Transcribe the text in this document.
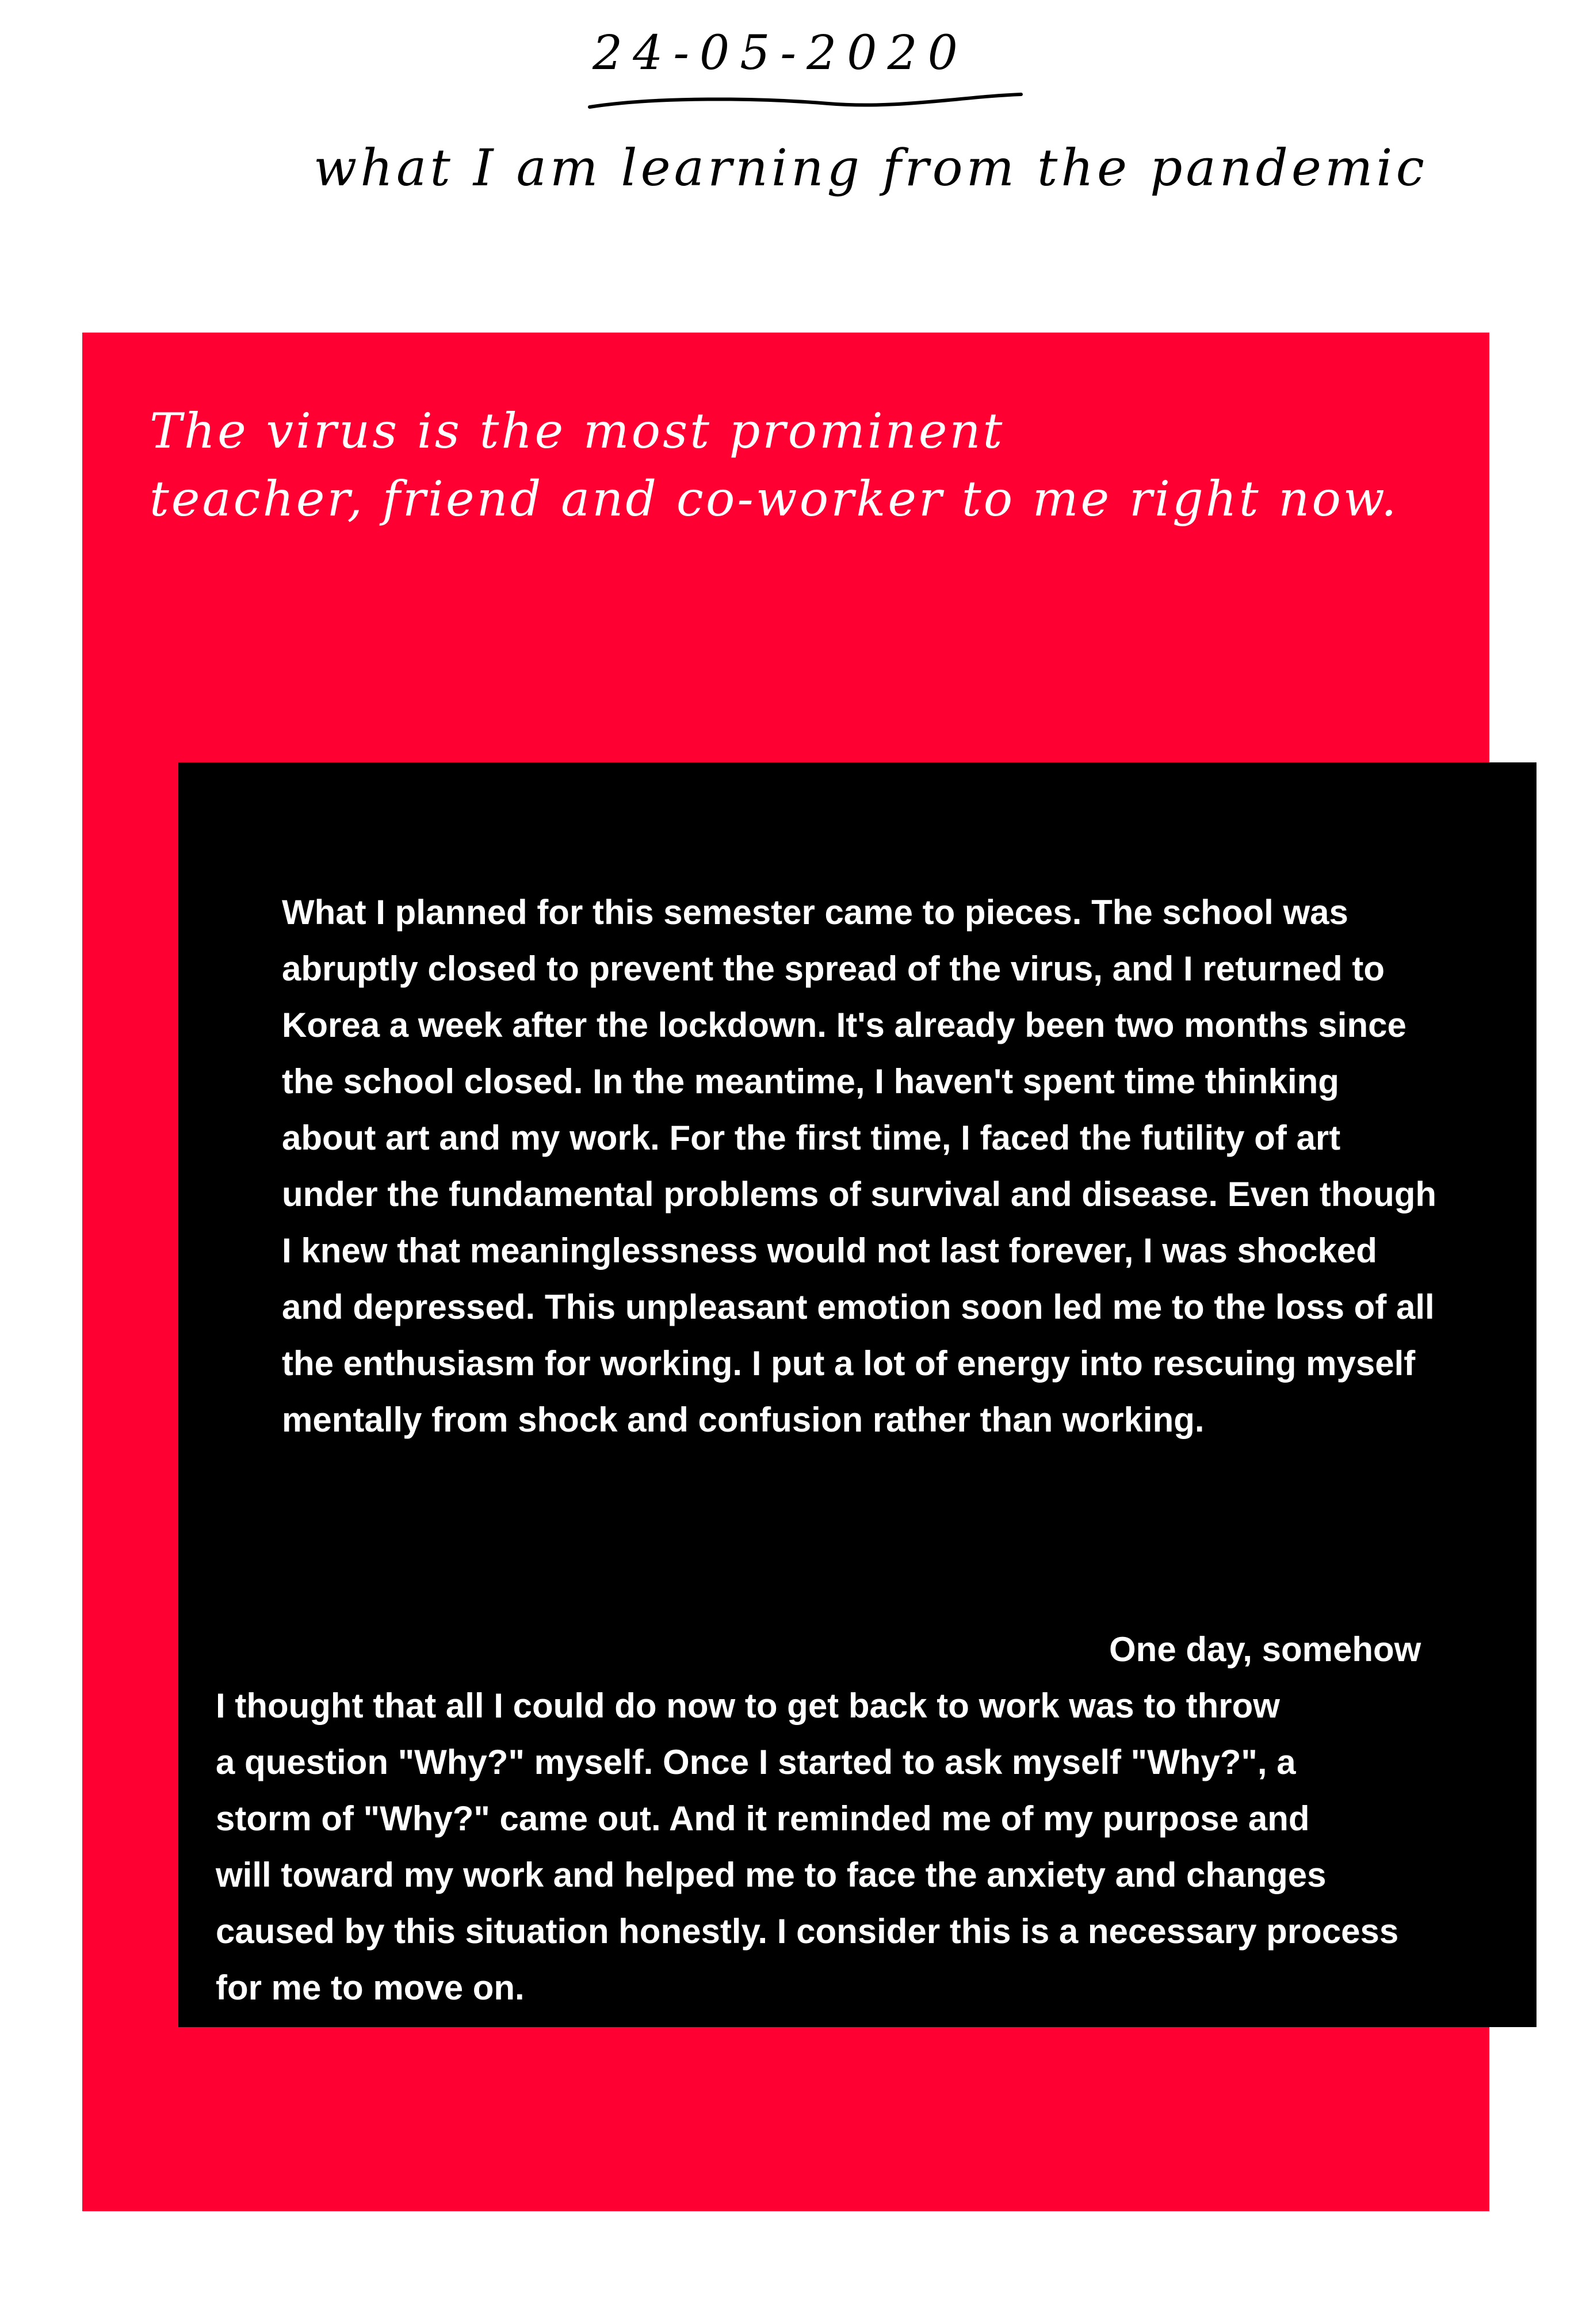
24-05-2020
what I am learning from the pandemic
The virus is the most prominent
teacher, friend and co-worker to me right now.
What I planned for this semester came to pieces. The school was
abruptly closed to prevent the spread of the virus, and I returned to
Korea a week after the lockdown. It's already been two months since
the school closed. In the meantime, I haven't spent time thinking
about art and my work. For the first time, I faced the futility of art
under the fundamental problems of survival and disease. Even though
I knew that meaninglessness would not last forever, I was shocked
and depressed. This unpleasant emotion soon led me to the loss of all
the enthusiasm for working. I put a lot of energy into rescuing myself
mentally from shock and confusion rather than working.
One day, somehow
I thought that all I could do now to get back to work was to throw
a question "Why?" myself. Once I started to ask myself "Why?", a
storm of "Why?" came out. And it reminded me of my purpose and
will toward my work and helped me to face the anxiety and changes
caused by this situation honestly. I consider this is a necessary process
for me to move on.
